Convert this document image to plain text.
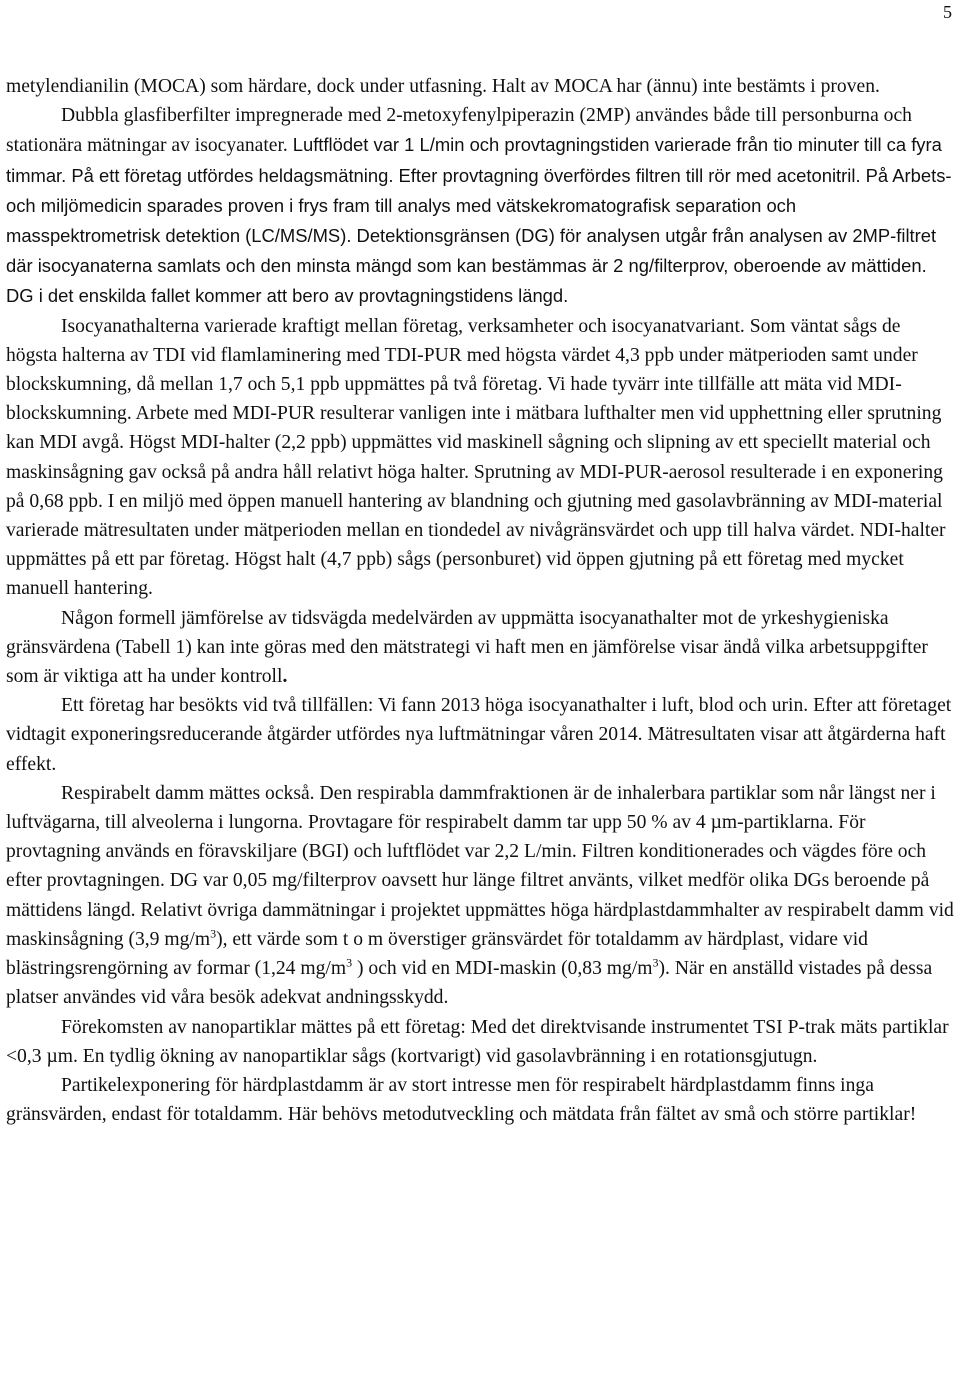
5

metylendianilin (MOCA) som härdare, dock under utfasning. Halt av MOCA har (ännu) inte bestämts i proven.

Dubbla glasfiberfilter impregnerade med 2-metoxyfenylpiperazin (2MP) användes både till personburna och stationära mätningar av isocyanater. Luftflödet var 1 L/min och provtagningstiden varierade från tio minuter till ca fyra timmar. På ett företag utfördes heldagsmätning. Efter provtagning överfördes filtren till rör med acetonitril. På Arbets- och miljömedicin sparades proven i frys fram till analys med vätskekromatografisk separation och masspektrometrisk detektion (LC/MS/MS). Detektionsgränsen (DG) för analysen utgår från analysen av 2MP-filtret där isocyanaterna samlats och den minsta mängd som kan bestämmas är 2 ng/filterprov, oberoende av mättiden. DG i det enskilda fallet kommer att bero av provtagningstidens längd.

Isocyanathalterna varierade kraftigt mellan företag, verksamheter och isocyanatvariant. Som väntat sågs de högsta halterna av TDI vid flamlaminering med TDI-PUR med högsta värdet 4,3 ppb under mätperioden samt under blockskumning, då mellan 1,7 och 5,1 ppb uppmättes på två företag. Vi hade tyvärr inte tillfälle att mäta vid MDI-blockskumning. Arbete med MDI-PUR resulterar vanligen inte i mätbara lufthalter men vid upphettning eller sprutning kan MDI avgå. Högst MDI-halter (2,2 ppb) uppmättes vid maskinell sågning och slipning av ett speciellt material och maskinsågning gav också på andra håll relativt höga halter. Sprutning av MDI-PUR-aerosol resulterade i en exponering på 0,68 ppb. I en miljö med öppen manuell hantering av blandning och gjutning med gasolavbränning av MDI-material varierade mätresultaten under mätperioden mellan en tiondedel av nivågränsvärdet och upp till halva värdet. NDI-halter uppmättes på ett par företag. Högst halt (4,7 ppb) sågs (personburet) vid öppen gjutning på ett företag med mycket manuell hantering.

Någon formell jämförelse av tidsvägda medelvärden av uppmätta isocyanathalter mot de yrkeshygieniska gränsvärdena (Tabell 1) kan inte göras med den mätstrategi vi haft men en jämförelse visar ändå vilka arbetsuppgifter som är viktiga att ha under kontroll.

Ett företag har besökts vid två tillfällen: Vi fann 2013 höga isocyanathalter i luft, blod och urin. Efter att företaget vidtagit exponeringsreducerande åtgärder utfördes nya luftmätningar våren 2014. Mätresultaten visar att åtgärderna haft effekt.

Respirabelt damm mättes också. Den respirabla dammfraktionen är de inhalerbara partiklar som når längst ner i luftvägarna, till alveolerna i lungorna. Provtagare för respirabelt damm tar upp 50 % av 4 µm-partiklarna. För provtagning används en föravskiljare (BGI) och luftflödet var 2,2 L/min. Filtren konditionerades och vägdes före och efter provtagningen. DG var 0,05 mg/filterprov oavsett hur länge filtret använts, vilket medför olika DGs beroende på mättidens längd. Relativt övriga dammätningar i projektet uppmättes höga härdplastdammhalter av respirabelt damm vid maskinsågning (3,9 $mg/m^3$), ett värde som t o m överstiger gränsvärdet för totaldamm av härdplast, vidare vid blästringsrengörning av formar (1,24 $mg/m^3$ ) och vid en MDI-maskin (0,83 $mg/m^3$). När en anställd vistades på dessa platser användes vid våra besök adekvat andningsskydd.

Förekomsten av nanopartiklar mättes på ett företag: Med det direktvisande instrumentet TSI P-trak mäts partiklar <0,3 µm. En tydlig ökning av nanopartiklar sågs (kortvarigt) vid gasolavbränning i en rotationsgjutugn.

Partikelexponering för härdplastdamm är av stort intresse men för respirabelt härdplastdamm finns inga gränsvärden, endast för totaldamm. Här behövs metodutveckling och mätdata från fältet av små och större partiklar!
